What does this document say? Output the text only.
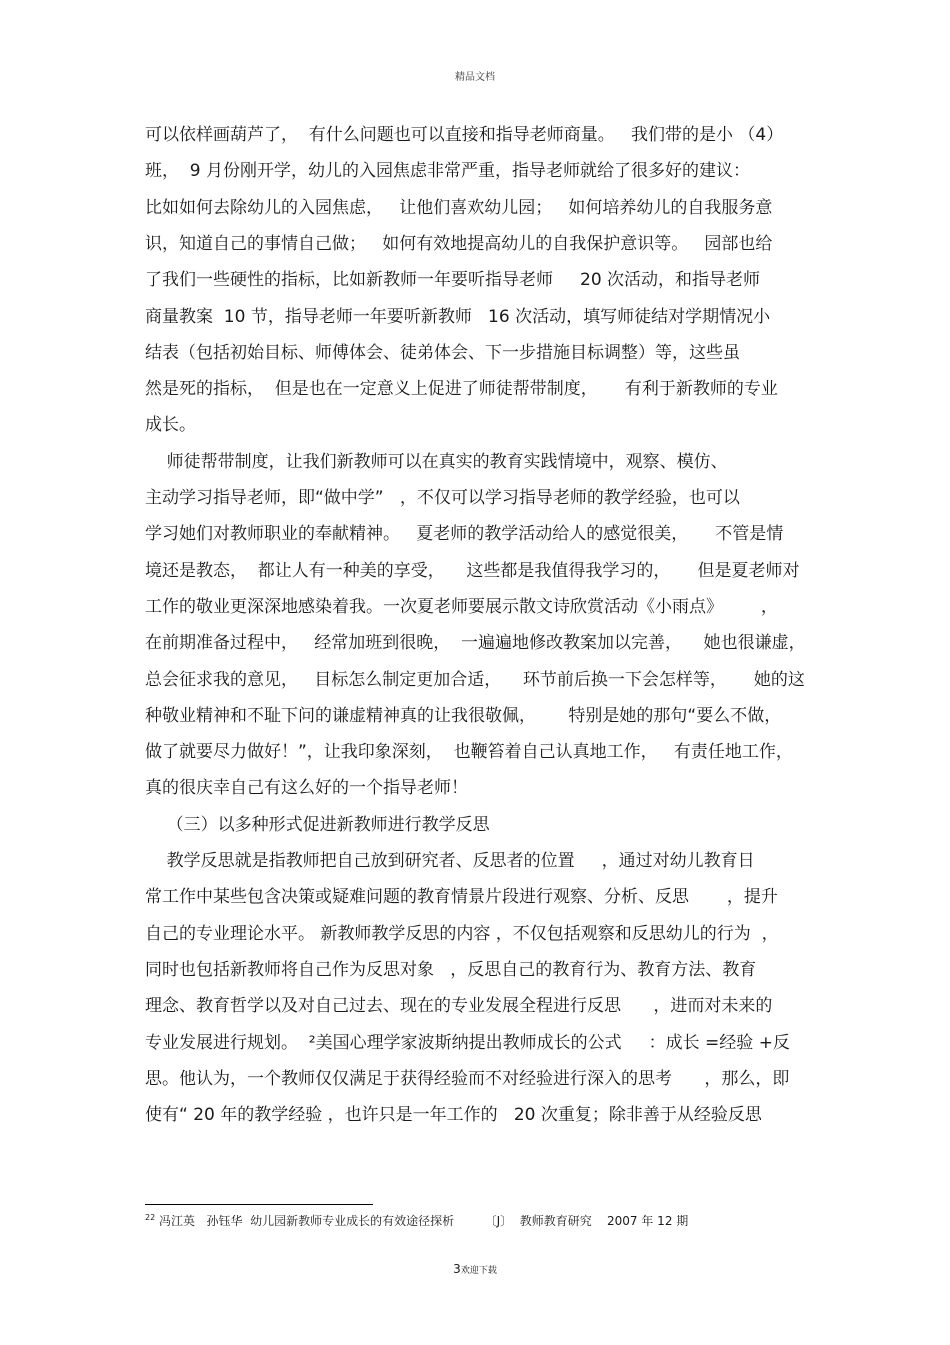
精品文档
可以依样画葫芦了，  有什么问题也可以直接和指导老师商量。   我们带的是小 （4）
班，  9 月份刚开学，幼儿的入园焦虑非常严重，指导老师就给了很多好的建议：
比如如何去除幼儿的入园焦虑，   让他们喜欢幼儿园；   如何培养幼儿的自我服务意
识，知道自己的事情自己做；   如何有效地提高幼儿的自我保护意识等。   园部也给
了我们一些硬性的指标，比如新教师一年要听指导老师     20 次活动，和指导老师
商量教案  10 节，指导老师一年要听新教师   16 次活动，填写师徒结对学期情况小
结表（包括初始目标、师傅体会、徒弟体会、下一步措施目标调整）等，这些虽
然是死的指标，  但是也在一定意义上促进了师徒帮带制度，     有利于新教师的专业
成长。
师徒帮带制度，让我们新教师可以在真实的教育实践情境中，观察、模仿、
主动学习指导老师，即“做中学”   ，不仅可以学习指导老师的教学经验，也可以
学习她们对教师职业的奉献精神。   夏老师的教学活动给人的感觉很美，     不管是情
境还是教态，  都让人有一种美的享受，    这些都是我值得我学习的，     但是夏老师对
工作的敬业更深深地感染着我。一次夏老师要展示散文诗欣赏活动《小雨点》       ，
在前期准备过程中，   经常加班到很晚，  一遍遍地修改教案加以完善，    她也很谦虚，
总会征求我的意见，   目标怎么制定更加合适，    环节前后换一下会怎样等，     她的这
种敬业精神和不耻下问的谦虚精神真的让我很敬佩，      特别是她的那句“要么不做，
做了就要尽力做好！”，让我印象深刻，  也鞭笞着自己认真地工作，   有责任地工作，
真的很庆幸自己有这么好的一个指导老师！
（三）以多种形式促进新教师进行教学反思
教学反思就是指教师把自己放到研究者、反思者的位置     ，通过对幼儿教育日
常工作中某些包含决策或疑难问题的教育情景片段进行观察、分析、反思       ，提升
自己的专业理论水平。 新教师教学反思的内容 ，不仅包括观察和反思幼儿的行为  ，
同时也包括新教师将自己作为反思对象   ，反思自己的教育行为、教育方法、教育
理念、教育哲学以及对自己过去、现在的专业发展全程进行反思      ，进而对未来的
专业发展进行规划。  ²美国心理学家波斯纳提出教师成长的公式     ：成长 =经验 +反
思。他认为，一个教师仅仅满足于获得经验而不对经验进行深入的思考      ，那么，即
使有“ 20 年的教学经验 ，也许只是一年工作的   20 次重复；除非善于从经验反思
$^{22}$ 冯江英   孙钰华  幼儿园新教师专业成长的有效途径探析        〔J〕  教师教育研究    2007 年 12 期
3欢迎下载
